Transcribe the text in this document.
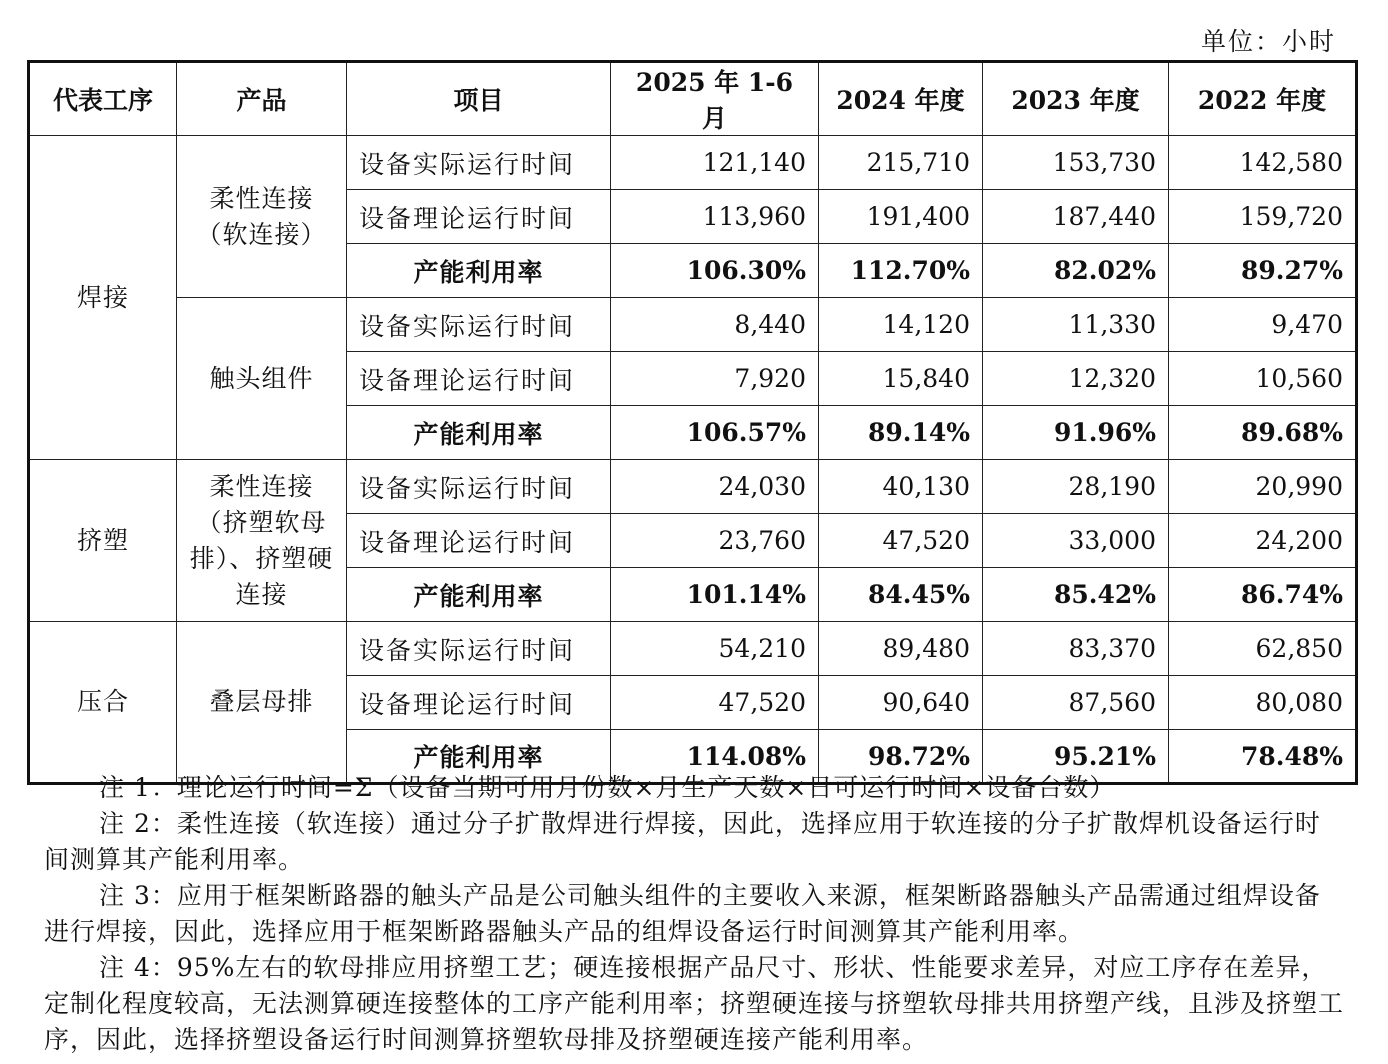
单位：小时
代表工序	产品	项目	2025 年 1-6 月	2024 年度	2023 年度	2022 年度
焊接	柔性连接（软连接）	设备实际运行时间	121,140	215,710	153,730	142,580
		设备理论运行时间	113,960	191,400	187,440	159,720
		产能利用率	106.30%	112.70%	82.02%	89.27%
	触头组件	设备实际运行时间	8,440	14,120	11,330	9,470
		设备理论运行时间	7,920	15,840	12,320	10,560
		产能利用率	106.57%	89.14%	91.96%	89.68%
挤塑	柔性连接（挤塑软母排）、挤塑硬连接	设备实际运行时间	24,030	40,130	28,190	20,990
		设备理论运行时间	23,760	47,520	33,000	24,200
		产能利用率	101.14%	84.45%	85.42%	86.74%
压合	叠层母排	设备实际运行时间	54,210	89,480	83,370	62,850
		设备理论运行时间	47,520	90,640	87,560	80,080
		产能利用率	114.08%	98.72%	95.21%	78.48%

注 1：理论运行时间=Σ（设备当期可用月份数×月生产天数×日可运行时间×设备台数）

注 2：柔性连接（软连接）通过分子扩散焊进行焊接，因此，选择应用于软连接的分子扩散焊机设备运行时间测算其产能利用率。

注 3：应用于框架断路器的触头产品是公司触头组件的主要收入来源，框架断路器触头产品需通过组焊设备进行焊接，因此，选择应用于框架断路器触头产品的组焊设备运行时间测算其产能利用率。

注 4：95%左右的软母排应用挤塑工艺；硬连接根据产品尺寸、形状、性能要求差异，对应工序存在差异，定制化程度较高，无法测算硬连接整体的工序产能利用率；挤塑硬连接与挤塑软母排共用挤塑产线，且涉及挤塑工序，因此，选择挤塑设备运行时间测算挤塑软母排及挤塑硬连接产能利用率。
